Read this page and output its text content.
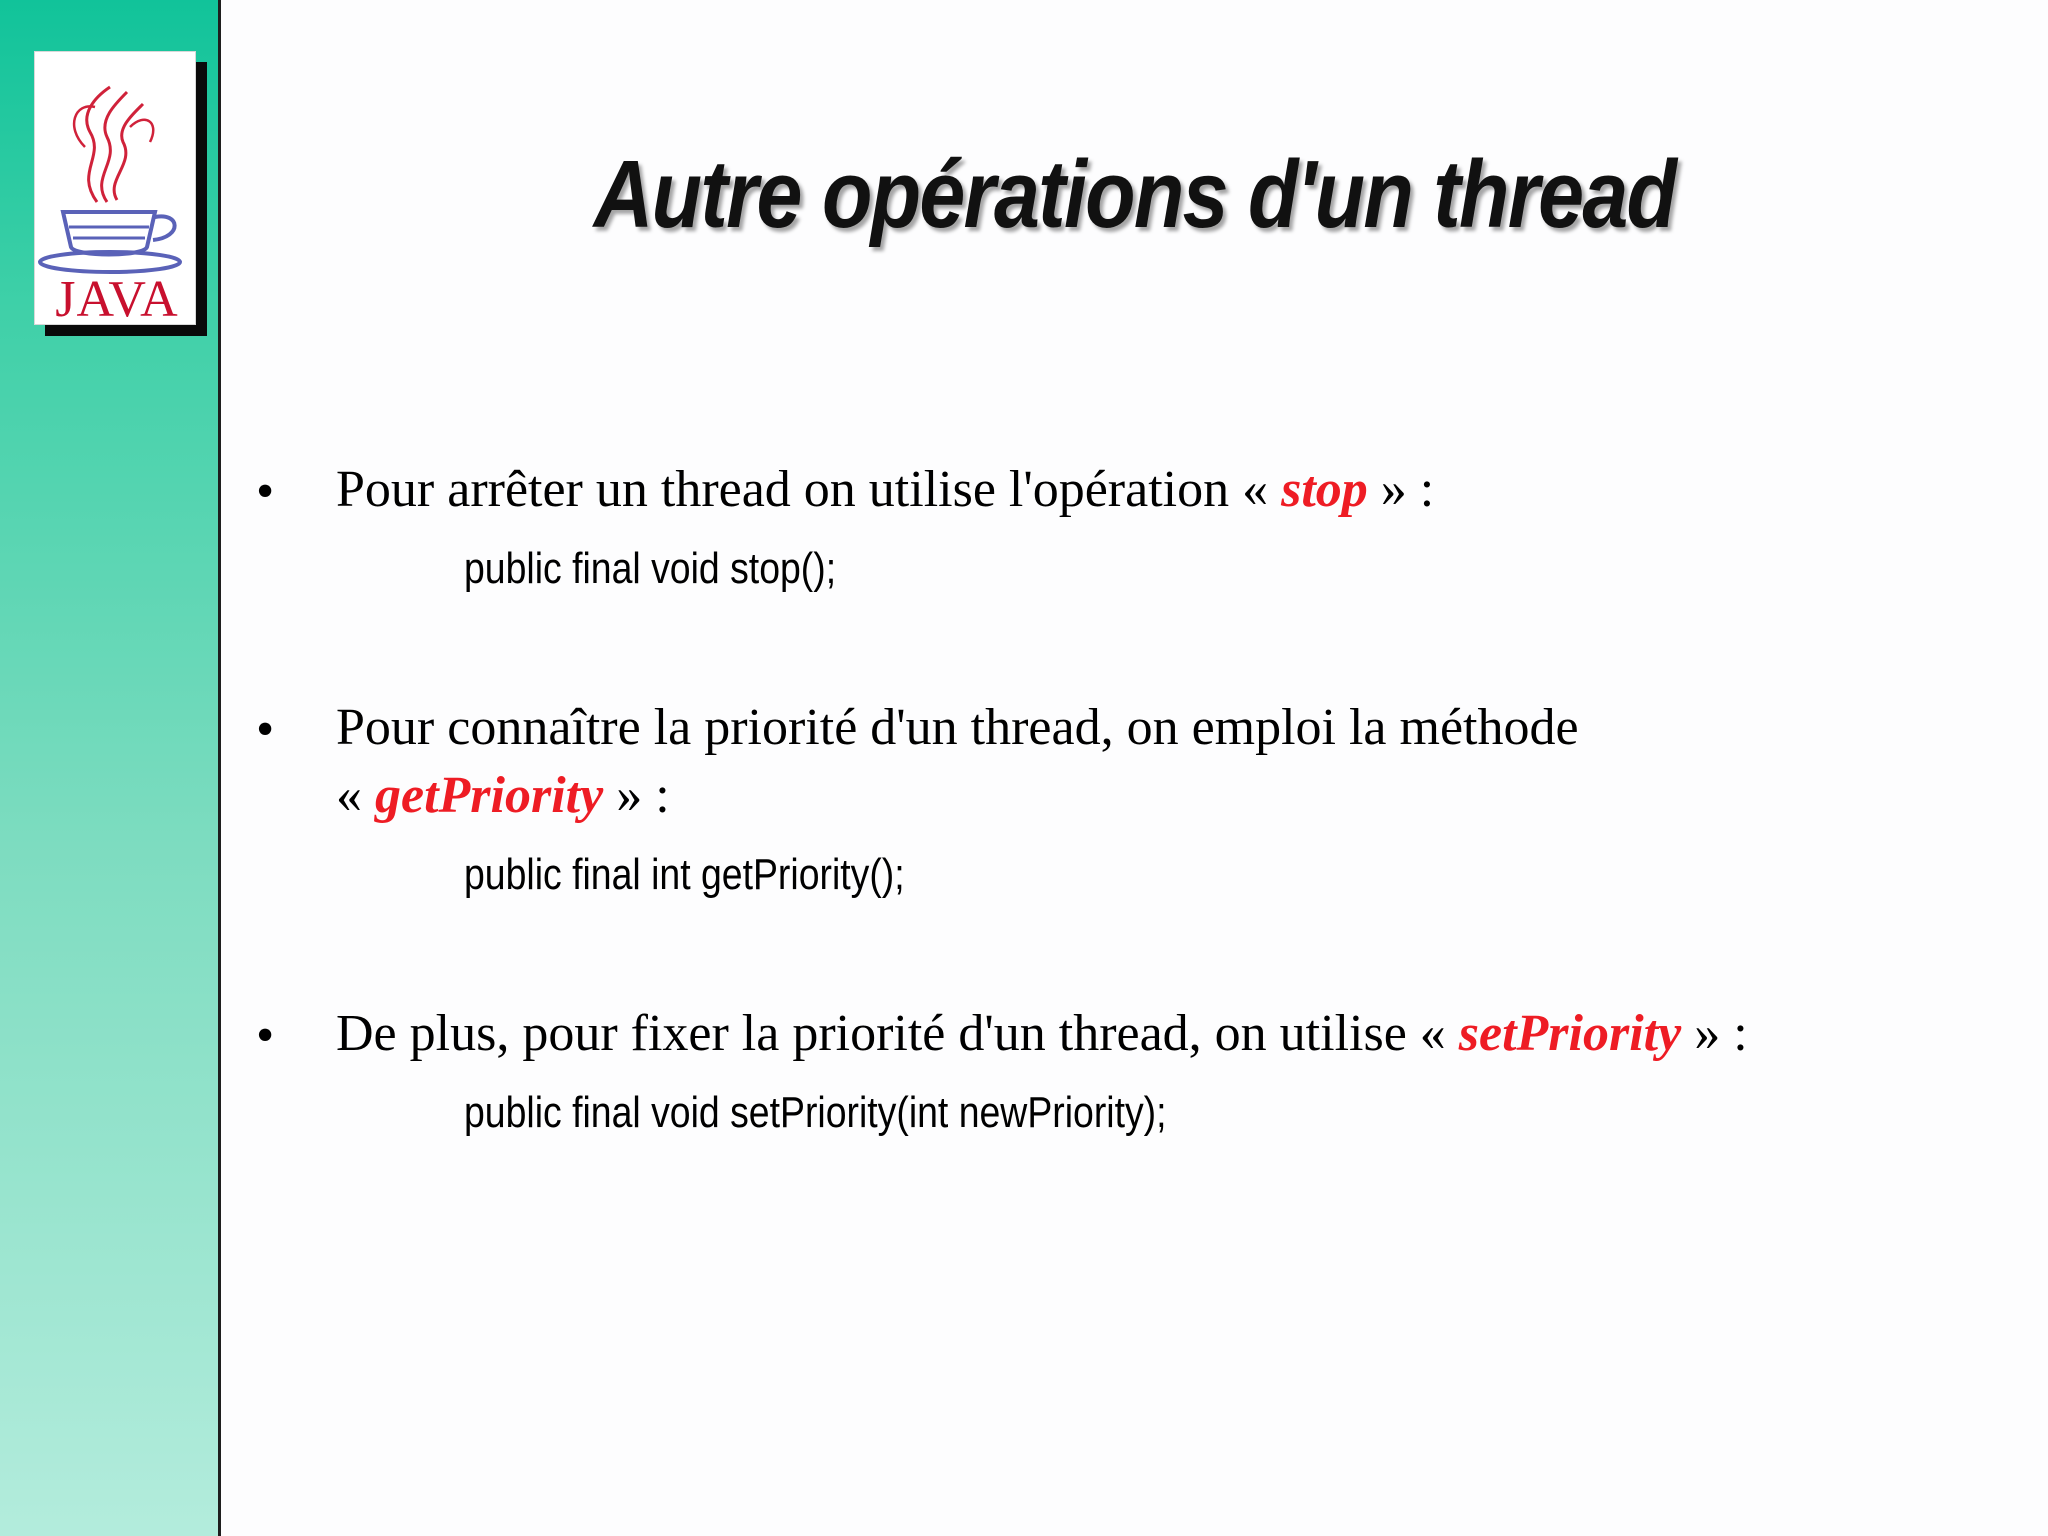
JAVA
Autre opérations d'un thread
• Pour arrêter un thread on utilise l'opération « stop » :
public final void stop();
• Pour connaître la priorité d'un thread, on emploi la méthode
« getPriority » :
public final int getPriority();
• De plus, pour fixer la priorité d'un thread, on utilise « setPriority » :
public final void setPriority(int newPriority);
